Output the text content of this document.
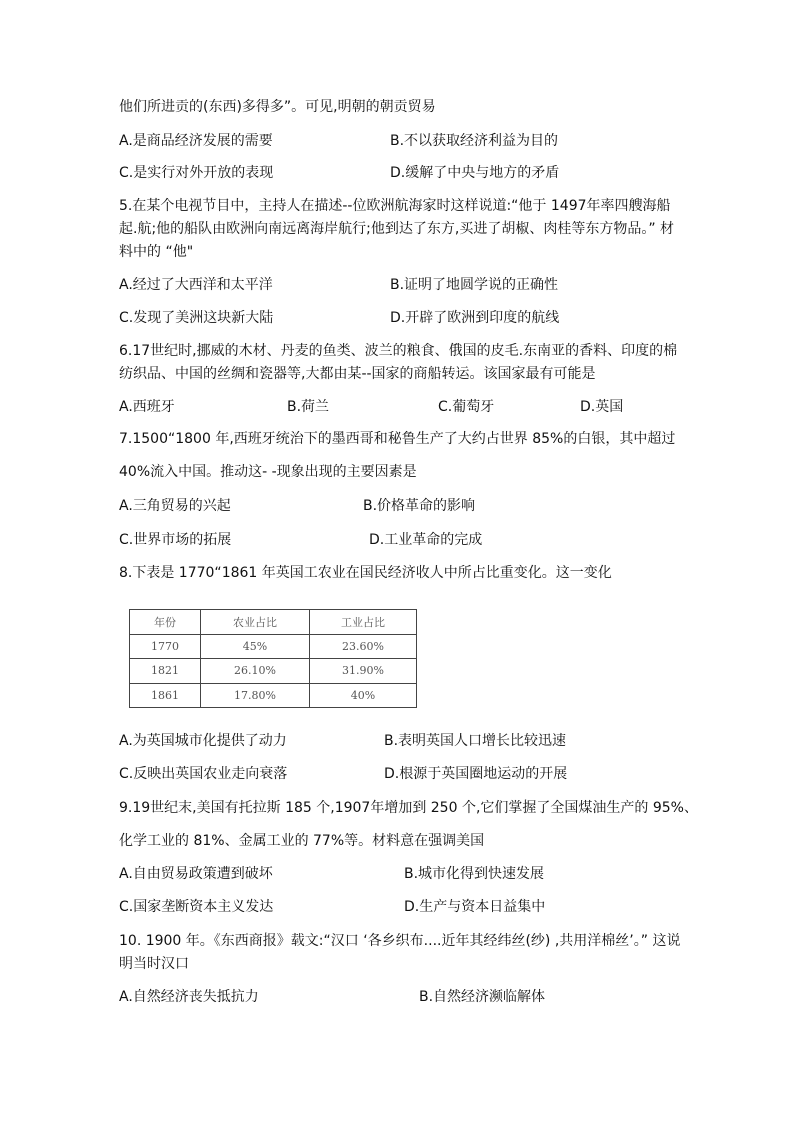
他们所进贡的(东西)多得多”。可见,明朝的朝贡贸易
A.是商品经济发展的需要	B.不以获取经济利益为目的
C.是实行对外开放的表现	D.缓解了中央与地方的矛盾
5.在某个电视节目中，主持人在描述--位欧洲航海家时这样说道:“他于 1497年率四艘海船
起.航;他的船队由欧洲向南远离海岸航行;他到达了东方,买进了胡椒、肉桂等东方物品。” 材
料中的 “他"
A.经过了大西洋和太平洋	B.证明了地圆学说的正确性
C.发现了美洲这块新大陆	D.开辟了欧洲到印度的航线
6.17世纪时,挪威的木材、丹麦的鱼类、波兰的粮食、俄国的皮毛.东南亚的香料、印度的棉
纺织品、中国的丝绸和瓷器等,大都由某--国家的商船转运。该国家最有可能是
A.西班牙	B.荷兰	C.葡萄牙	D.英国
7.1500“1800 年,西班牙统治下的墨西哥和秘鲁生产了大约占世界 85%的白银，其中超过
40%流入中国。推动这- -现象出现的主要因素是
A.三角贸易的兴起	B.价格革命的影响
C.世界市场的拓展	D.工业革命的完成
8.下表是 1770“1861 年英国工农业在国民经济收人中所占比重变化。这一变化
年份	农业占比	工业占比
1770	45%	23.60%
1821	26.10%	31.90%
1861	17.80%	40%
A.为英国城市化提供了动力	B.表明英国人口增长比较迅速
C.反映出英国农业走向衰落	D.根源于英国圈地运动的开展
9.19世纪末,美国有托拉斯 185 个,1907年增加到 250 个,它们掌握了全国煤油生产的 95%、
化学工业的 81%、金属工业的 77%等。材料意在强调美国
A.自由贸易政策遭到破坏	B.城市化得到快速发展
C.国家垄断资本主义发达	D.生产与资本日益集中
10. 1900 年。《东西商报》载文:“汉口 ‘各乡织布....近年其经纬丝(纱) ,共用洋棉丝’。” 这说
明当时汉口
A.自然经济丧失抵抗力	B.自然经济濒临解体
